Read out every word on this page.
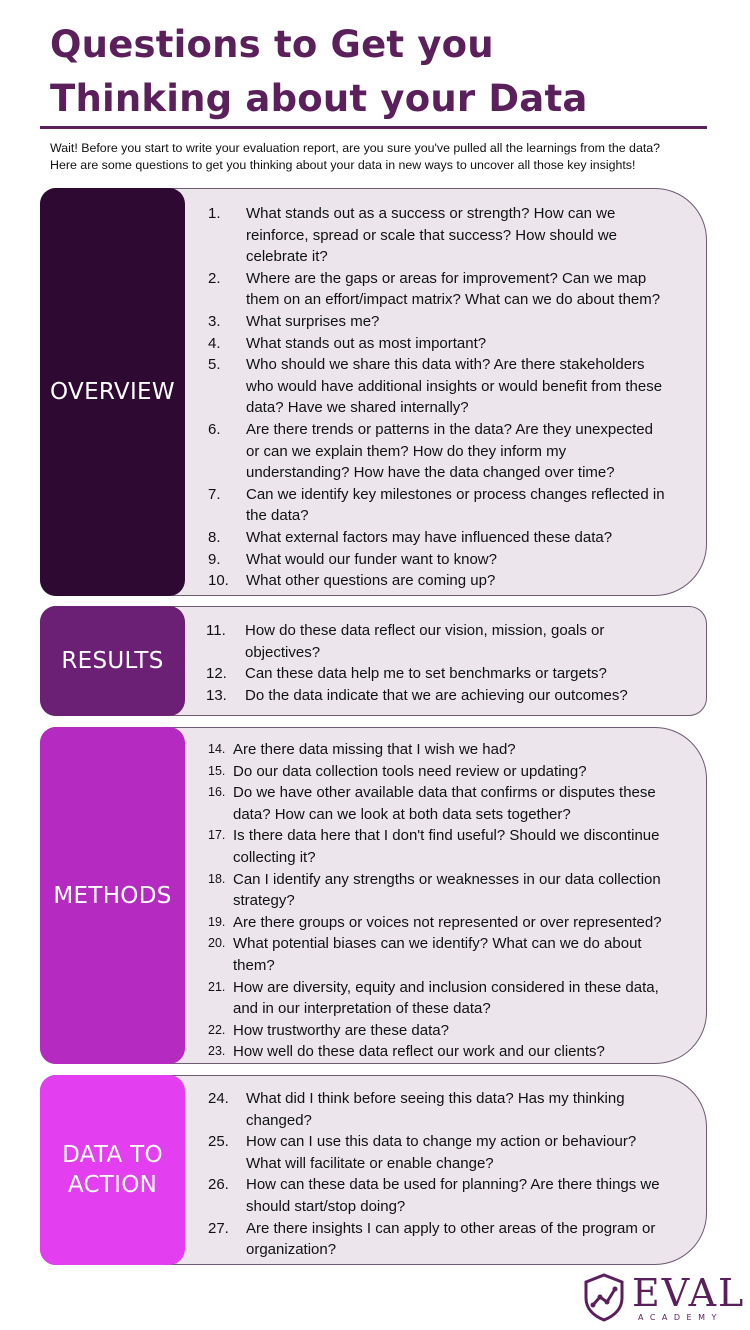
Questions to Get you
Thinking about your Data
Wait! Before you start to write your evaluation report, are you sure you've pulled all the learnings from the data?
Here are some questions to get you thinking about your data in new ways to uncover all those key insights!
OVERVIEW
1. What stands out as a success or strength? How can we
reinforce, spread or scale that success? How should we
celebrate it?
2. Where are the gaps or areas for improvement? Can we map
them on an effort/impact matrix? What can we do about them?
3. What surprises me?
4. What stands out as most important?
5. Who should we share this data with? Are there stakeholders
who would have additional insights or would benefit from these
data? Have we shared internally?
6. Are there trends or patterns in the data? Are they unexpected
or can we explain them? How do they inform my
understanding? How have the data changed over time?
7. Can we identify key milestones or process changes reflected in
the data?
8. What external factors may have influenced these data?
9. What would our funder want to know?
10. What other questions are coming up?
RESULTS
11. How do these data reflect our vision, mission, goals or
objectives?
12. Can these data help me to set benchmarks or targets?
13. Do the data indicate that we are achieving our outcomes?
METHODS
14. Are there data missing that I wish we had?
15. Do our data collection tools need review or updating?
16. Do we have other available data that confirms or disputes these
data? How can we look at both data sets together?
17. Is there data here that I don't find useful? Should we discontinue
collecting it?
18. Can I identify any strengths or weaknesses in our data collection
strategy?
19. Are there groups or voices not represented or over represented?
20. What potential biases can we identify? What can we do about
them?
21. How are diversity, equity and inclusion considered in these data,
and in our interpretation of these data?
22. How trustworthy are these data?
23. How well do these data reflect our work and our clients?
DATA TO
ACTION
24. What did I think before seeing this data? Has my thinking
changed?
25. How can I use this data to change my action or behaviour?
What will facilitate or enable change?
26. How can these data be used for planning? Are there things we
should start/stop doing?
27. Are there insights I can apply to other areas of the program or
organization?
EVAL
ACADEMY
